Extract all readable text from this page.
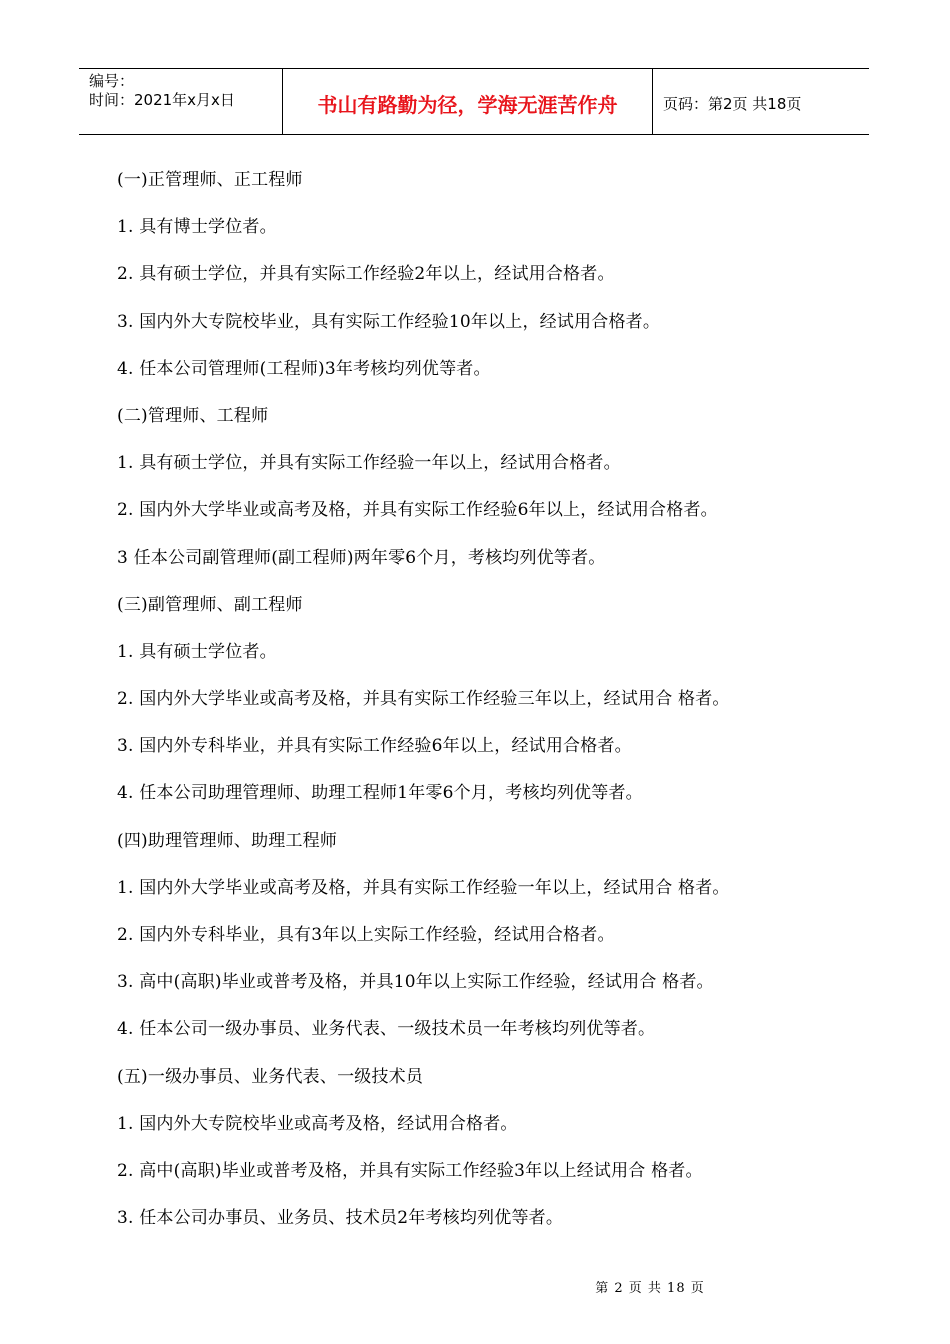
编号：
时间：2021年x月x日	书山有路勤为径，学海无涯苦作舟	页码：第2页 共18页
(一)正管理师、正工程师
1. 具有博士学位者。
2. 具有硕士学位，并具有实际工作经验2年以上，经试用合格者。
3. 国内外大专院校毕业，具有实际工作经验10年以上，经试用合格者。
4. 任本公司管理师(工程师)3年考核均列优等者。
(二)管理师、工程师
1. 具有硕士学位，并具有实际工作经验一年以上，经试用合格者。
2. 国内外大学毕业或高考及格，并具有实际工作经验6年以上，经试用合格者。
3 任本公司副管理师(副工程师)两年零6个月，考核均列优等者。
(三)副管理师、副工程师
1. 具有硕士学位者。
2. 国内外大学毕业或高考及格，并具有实际工作经验三年以上，经试用合 格者。
3. 国内外专科毕业，并具有实际工作经验6年以上，经试用合格者。
4. 任本公司助理管理师、助理工程师1年零6个月，考核均列优等者。
(四)助理管理师、助理工程师
1. 国内外大学毕业或高考及格，并具有实际工作经验一年以上，经试用合 格者。
2. 国内外专科毕业，具有3年以上实际工作经验，经试用合格者。
3. 高中(高职)毕业或普考及格，并具10年以上实际工作经验，经试用合 格者。
4. 任本公司一级办事员、业务代表、一级技术员一年考核均列优等者。
(五)一级办事员、业务代表、一级技术员
1. 国内外大专院校毕业或高考及格，经试用合格者。
2. 高中(高职)毕业或普考及格，并具有实际工作经验3年以上经试用合 格者。
3. 任本公司办事员、业务员、技术员2年考核均列优等者。
第 2 页 共 18 页
